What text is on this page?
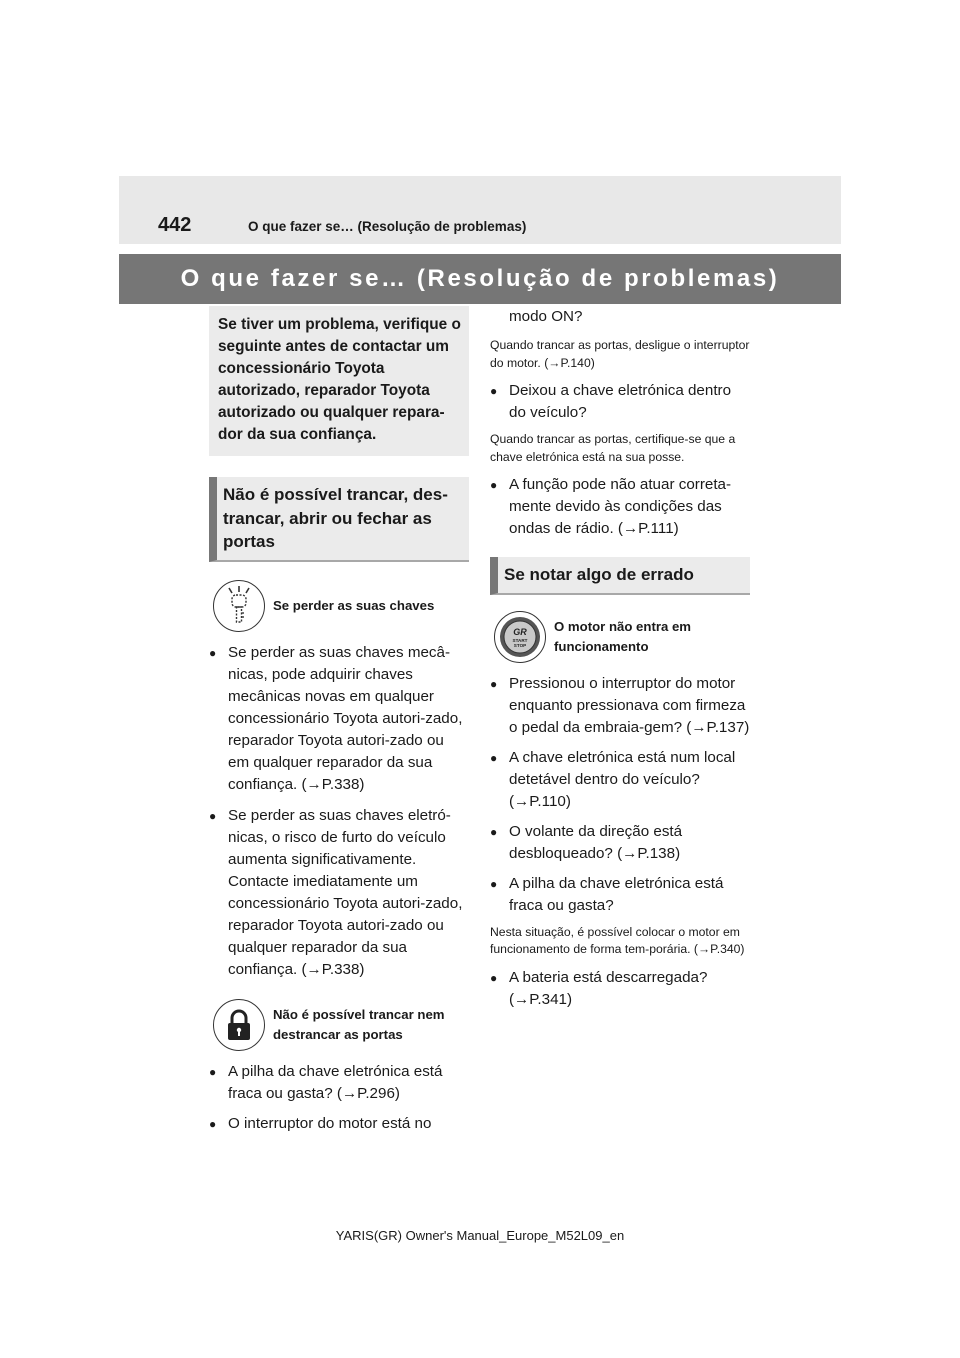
442	O que fazer se… (Resolução de problemas)
O que fazer se… (Resolução de problemas)
Se tiver um problema, verifique o seguinte antes de contactar um concessionário Toyota autorizado, reparador Toyota autorizado ou qualquer repara-dor da sua confiança.
Não é possível trancar, des-trancar, abrir ou fechar as portas
Se perder as suas chaves
● Se perder as suas chaves mecâ-nicas, pode adquirir chaves mecânicas novas em qualquer concessionário Toyota autori-zado, reparador Toyota autori-zado ou em qualquer reparador da sua confiança. (→P.338)
● Se perder as suas chaves eletró-nicas, o risco de furto do veículo aumenta significativamente. Contacte imediatamente um concessionário Toyota autori-zado, reparador Toyota autori-zado ou qualquer reparador da sua confiança. (→P.338)
Não é possível trancar nem destrancar as portas
● A pilha da chave eletrónica está fraca ou gasta? (→P.296)
● O interruptor do motor está no
modo ON?
Quando trancar as portas, desligue o interruptor do motor. (→P.140)
● Deixou a chave eletrónica dentro do veículo?
Quando trancar as portas, certifique-se que a chave eletrónica está na sua posse.
● A função pode não atuar correta-mente devido às condições das ondas de rádio. (→P.111)
Se notar algo de errado
GR
START
STOP
O motor não entra em funcionamento
● Pressionou o interruptor do motor enquanto pressionava com firmeza o pedal da embraia-gem? (→P.137)
● A chave eletrónica está num local detetável dentro do veículo? (→P.110)
● O volante da direção está desbloqueado? (→P.138)
● A pilha da chave eletrónica está fraca ou gasta?
Nesta situação, é possível colocar o motor em funcionamento de forma tem-porária. (→P.340)
● A bateria está descarregada? (→P.341)
YARIS(GR) Owner's Manual_Europe_M52L09_en
